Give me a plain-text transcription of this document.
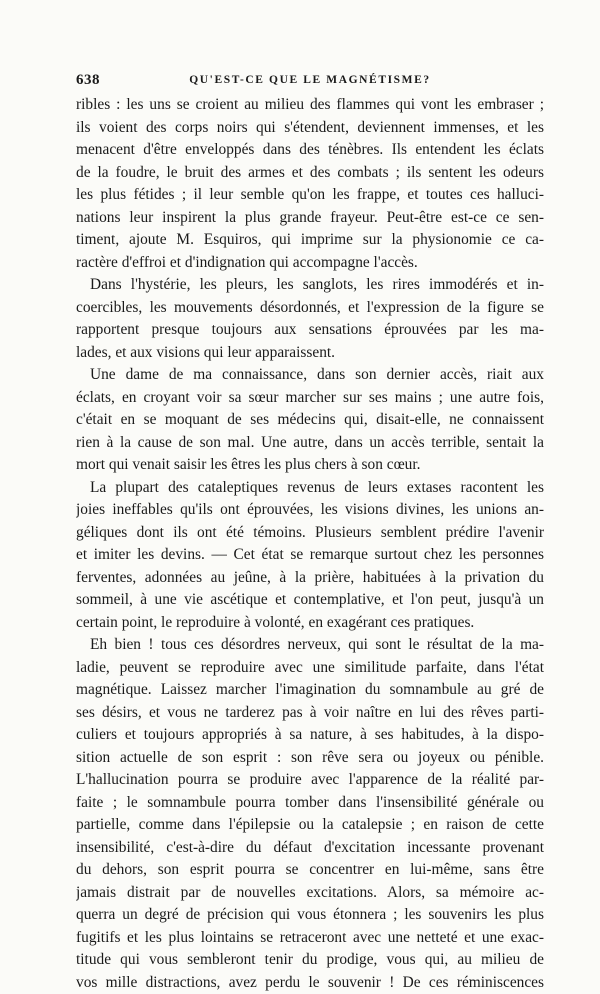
638	QU'EST-CE QUE LE MAGNÉTISME?
ribles : les uns se croient au milieu des flammes qui vont les embraser ;
ils voient des corps noirs qui s'étendent, deviennent immenses, et les
menacent d'être enveloppés dans des ténèbres. Ils entendent les éclats
de la foudre, le bruit des armes et des combats ; ils sentent les odeurs
les plus fétides ; il leur semble qu'on les frappe, et toutes ces halluci-
nations leur inspirent la plus grande frayeur. Peut-être est-ce ce sen-
timent, ajoute M. Esquiros, qui imprime sur la physionomie ce ca-
ractère d'effroi et d'indignation qui accompagne l'accès.
Dans l'hystérie, les pleurs, les sanglots, les rires immodérés et in-
coercibles, les mouvements désordonnés, et l'expression de la figure se
rapportent presque toujours aux sensations éprouvées par les ma-
lades, et aux visions qui leur apparaissent.
Une dame de ma connaissance, dans son dernier accès, riait aux
éclats, en croyant voir sa sœur marcher sur ses mains ; une autre fois,
c'était en se moquant de ses médecins qui, disait-elle, ne connaissent
rien à la cause de son mal. Une autre, dans un accès terrible, sentait la
mort qui venait saisir les êtres les plus chers à son cœur.
La plupart des cataleptiques revenus de leurs extases racontent les
joies ineffables qu'ils ont éprouvées, les visions divines, les unions an-
géliques dont ils ont été témoins. Plusieurs semblent prédire l'avenir
et imiter les devins. — Cet état se remarque surtout chez les personnes
ferventes, adonnées au jeûne, à la prière, habituées à la privation du
sommeil, à une vie ascétique et contemplative, et l'on peut, jusqu'à un
certain point, le reproduire à volonté, en exagérant ces pratiques.
Eh bien ! tous ces désordres nerveux, qui sont le résultat de la ma-
ladie, peuvent se reproduire avec une similitude parfaite, dans l'état
magnétique. Laissez marcher l'imagination du somnambule au gré de
ses désirs, et vous ne tarderez pas à voir naître en lui des rêves parti-
culiers et toujours appropriés à sa nature, à ses habitudes, à la dispo-
sition actuelle de son esprit : son rêve sera ou joyeux ou pénible.
L'hallucination pourra se produire avec l'apparence de la réalité par-
faite ; le somnambule pourra tomber dans l'insensibilité générale ou
partielle, comme dans l'épilepsie ou la catalepsie ; en raison de cette
insensibilité, c'est-à-dire du défaut d'excitation incessante provenant
du dehors, son esprit pourra se concentrer en lui-même, sans être
jamais distrait par de nouvelles excitations. Alors, sa mémoire ac-
querra un degré de précision qui vous étonnera ; les souvenirs les plus
fugitifs et les plus lointains se retraceront avec une netteté et une exac-
titude qui vous sembleront tenir du prodige, vous qui, au milieu de
vos mille distractions, avez perdu le souvenir ! De ces réminiscences
